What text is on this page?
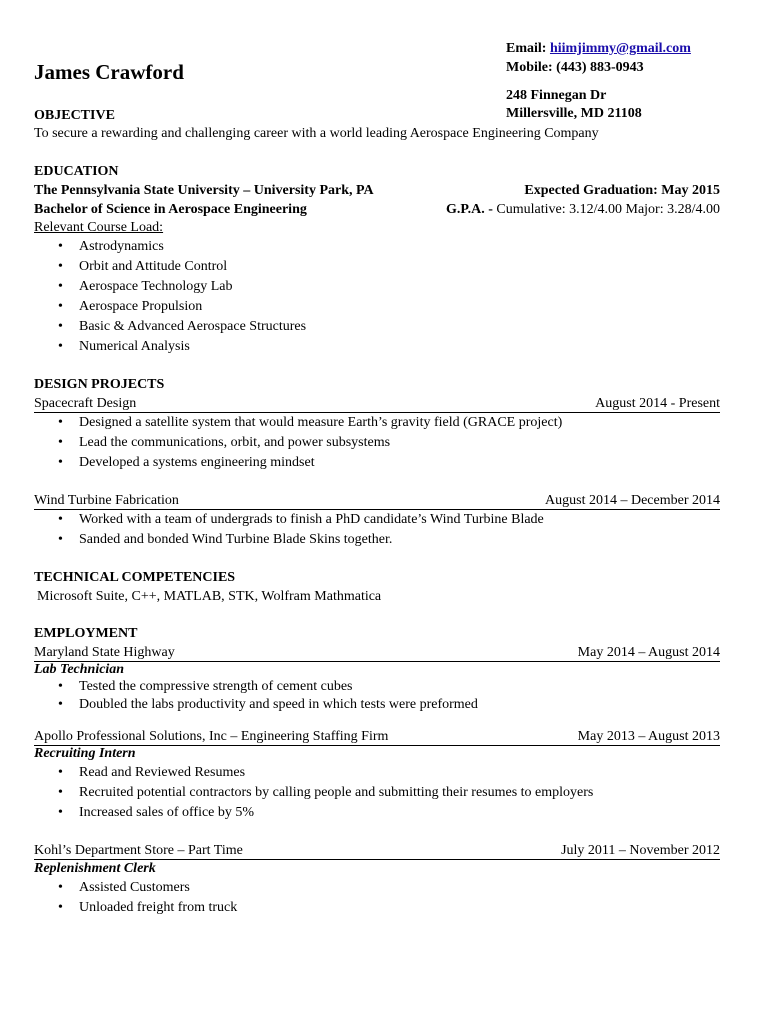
James Crawford
Email: hiimjimmy@gmail.com
Mobile: (443) 883-0943
248 Finnegan Dr
Millersville, MD 21108
OBJECTIVE
To secure a rewarding and challenging career with a world leading Aerospace Engineering Company
EDUCATION
The Pennsylvania State University – University Park, PA	Expected Graduation: May 2015
Bachelor of Science in Aerospace Engineering	G.P.A. - Cumulative: 3.12/4.00 Major: 3.28/4.00
Relevant Course Load:
• Astrodynamics
• Orbit and Attitude Control
• Aerospace Technology Lab
• Aerospace Propulsion
• Basic & Advanced Aerospace Structures
• Numerical Analysis
DESIGN PROJECTS
Spacecraft Design	August 2014 - Present
• Designed a satellite system that would measure Earth’s gravity field (GRACE project)
• Lead the communications, orbit, and power subsystems
• Developed a systems engineering mindset
Wind Turbine Fabrication	August 2014 – December 2014
• Worked with a team of undergrads to finish a PhD candidate’s Wind Turbine Blade
• Sanded and bonded Wind Turbine Blade Skins together.
TECHNICAL COMPETENCIES
Microsoft Suite, C++, MATLAB, STK, Wolfram Mathmatica
EMPLOYMENT
Maryland State Highway	May 2014 – August 2014
Lab Technician
• Tested the compressive strength of cement cubes
• Doubled the labs productivity and speed in which tests were preformed
Apollo Professional Solutions, Inc – Engineering Staffing Firm	May 2013 – August 2013
Recruiting Intern
• Read and Reviewed Resumes
• Recruited potential contractors by calling people and submitting their resumes to employers
• Increased sales of office by 5%
Kohl’s Department Store – Part Time	July 2011 – November 2012
Replenishment Clerk
• Assisted Customers
• Unloaded freight from truck
